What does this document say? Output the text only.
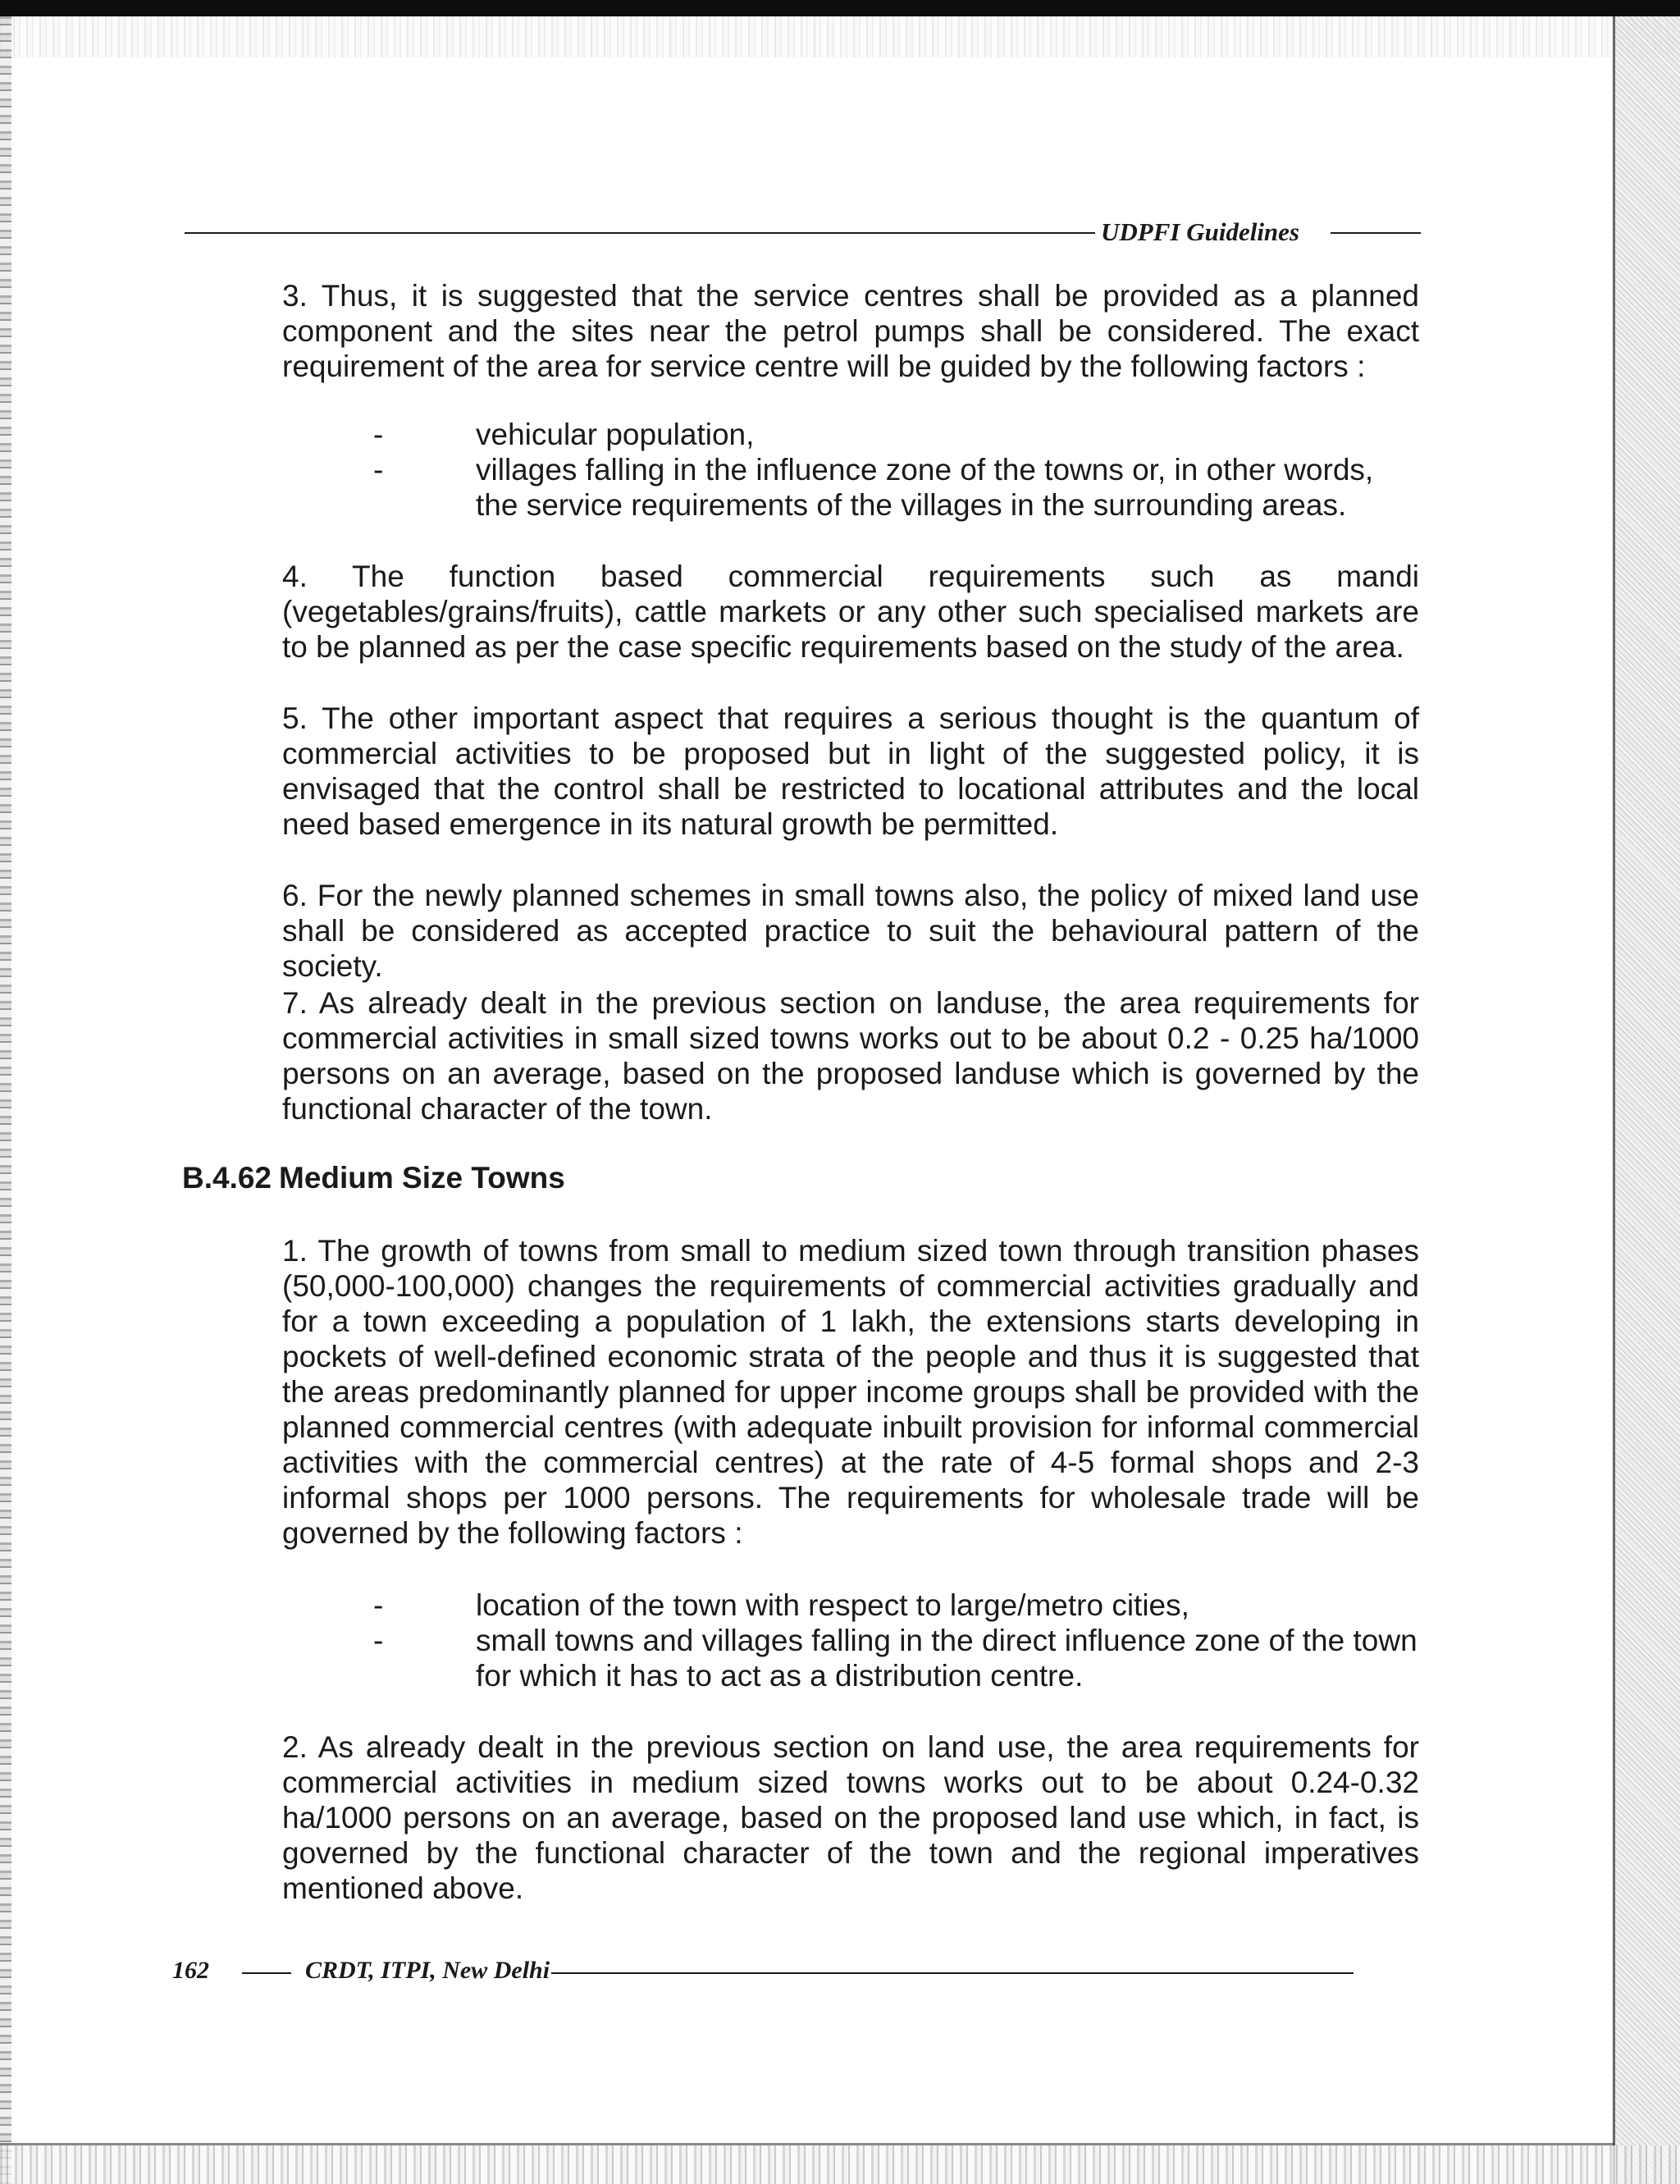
UDPFI Guidelines

3. Thus, it is suggested that the service centres shall be provided as a planned component and the sites near the petrol pumps shall be considered. The exact requirement of the area for service centre will be guided by the following factors :

-	vehicular population,
-	villages falling in the influence zone of the towns or, in other words, the service requirements of the villages in the surrounding areas.

4. The function based commercial requirements such as mandi (vegetables/grains/fruits), cattle markets or any other such specialised markets are to be planned as per the case specific requirements based on the study of the area.

5. The other important aspect that requires a serious thought is the quantum of commercial activities to be proposed but in light of the suggested policy, it is envisaged that the control shall be restricted to locational attributes and the local need based emergence in its natural growth be permitted.

6. For the newly planned schemes in small towns also, the policy of mixed land use shall be considered as accepted practice to suit the behavioural pattern of the society.

7. As already dealt in the previous section on landuse, the area requirements for commercial activities in small sized towns works out to be about 0.2 - 0.25 ha/1000 persons on an average, based on the proposed landuse which is governed by the functional character of the town.

B.4.62 Medium Size Towns

1. The growth of towns from small to medium sized town through transition phases (50,000-100,000) changes the requirements of commercial activities gradually and for a town exceeding a population of 1 lakh, the extensions starts developing in pockets of well-defined economic strata of the people and thus it is suggested that the areas predominantly planned for upper income groups shall be provided with the planned commercial centres (with adequate inbuilt provision for informal commercial activities with the commercial centres) at the rate of 4-5 formal shops and 2-3 informal shops per 1000 persons. The requirements for wholesale trade will be governed by the following factors :

-	location of the town with respect to large/metro cities,
-	small towns and villages falling in the direct influence zone of the town for which it has to act as a distribution centre.

2. As already dealt in the previous section on land use, the area requirements for commercial activities in medium sized towns works out to be about 0.24-0.32 ha/1000 persons on an average, based on the proposed land use which, in fact, is governed by the functional character of the town and the regional imperatives mentioned above.

162	CRDT, ITPI, New Delhi
